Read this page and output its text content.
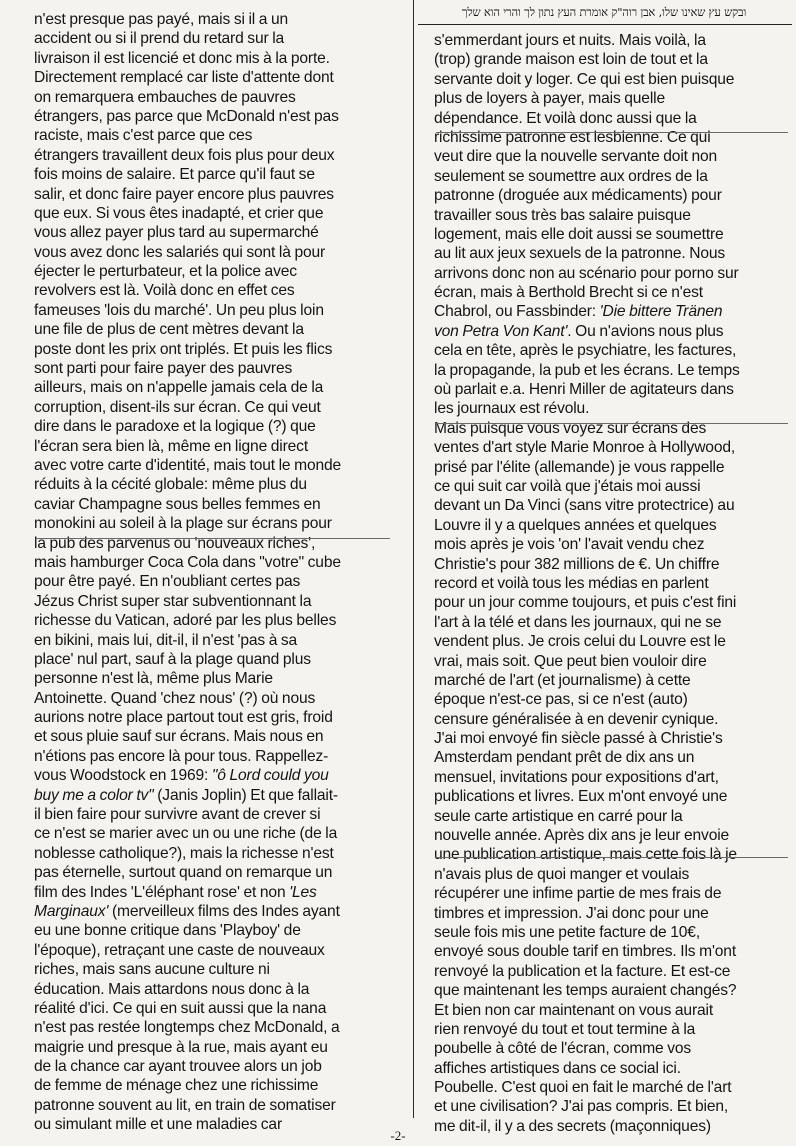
ובקש עץ שאינו שלו, אבן רוה"ק אומרת העץ נתון לך והרי הוא שלך
n'est presque pas payé, mais si il a un
accident ou si il prend du retard sur la
livraison il est licencié et donc mis à la porte.
Directement remplacé car liste d'attente dont
on remarquera embauches de pauvres
étrangers, pas parce que McDonald n'est pas
raciste, mais c'est parce que ces
étrangers travaillent deux fois plus pour deux
fois moins de salaire. Et parce qu'il faut se
salir, et donc faire payer encore plus pauvres
que eux. Si vous êtes inadapté, et crier que
vous allez payer plus tard au supermarché
vous avez donc les salariés qui sont là pour
éjecter le perturbateur, et la police avec
revolvers est là. Voilà donc en effet ces
fameuses 'lois du marché'. Un peu plus loin
une file de plus de cent mètres devant la
poste dont les prix ont triplés. Et puis les flics
sont parti pour faire payer des pauvres
ailleurs, mais on n'appelle jamais cela de la
corruption, disent-ils sur écran. Ce qui veut
dire dans le paradoxe et la logique (?) que
l'écran sera bien là, même en ligne direct
avec votre carte d'identité, mais tout le monde
réduits à la cécité globale: même plus du
caviar Champagne sous belles femmes en
monokini au soleil à la plage sur écrans pour
la pub des parvenus ou 'nouveaux riches',
mais hamburger Coca Cola dans "votre" cube
pour être payé. En n'oubliant certes pas
Jézus Christ super star subventionnant la
richesse du Vatican, adoré par les plus belles
en bikini, mais lui, dit-il, il n'est 'pas à sa
place' nul part, sauf à la plage quand plus
personne n'est là, même plus Marie
Antoinette. Quand 'chez nous' (?) où nous
aurions notre place partout tout est gris, froid
et sous pluie sauf sur écrans. Mais nous en
n'étions pas encore là pour tous. Rappellez-
vous Woodstock en 1969: "ô Lord could you
buy me a color tv" (Janis Joplin) Et que fallait-
il bien faire pour survivre avant de crever si
ce n'est se marier avec un ou une riche (de la
noblesse catholique?), mais la richesse n'est
pas éternelle, surtout quand on remarque un
film des Indes 'L'éléphant rose' et non 'Les
Marginaux' (merveilleux films des Indes ayant
eu une bonne critique dans 'Playboy' de
l'époque), retraçant une caste de nouveaux
riches, mais sans aucune culture ni
éducation. Mais attardons nous donc à la
réalité d'ici. Ce qui en suit aussi que la nana
n'est pas restée longtemps chez McDonald, a
maigrie und presque à la rue, mais ayant eu
de la chance car ayant trouvee alors un job
de femme de ménage chez une richissime
patronne souvent au lit, en train de somatiser
ou simulant mille et une maladies car
s'emmerdant jours et nuits. Mais voilà, la
(trop) grande maison est loin de tout et la
servante doit y loger. Ce qui est bien puisque
plus de loyers à payer, mais quelle
dépendance. Et voilà donc aussi que la
richissime patronne est lesbienne. Ce qui
veut dire que la nouvelle servante doit non
seulement se soumettre aux ordres de la
patronne (droguée aux médicaments) pour
travailler sous très bas salaire puisque
logement, mais elle doit aussi se soumettre
au lit aux jeux sexuels de la patronne. Nous
arrivons donc non au scénario pour porno sur
écran, mais à Berthold Brecht si ce n'est
Chabrol, ou Fassbinder: 'Die bittere Tränen
von Petra Von Kant'. Ou n'avions nous plus
cela en tête, après le psychiatre, les factures,
la propagande, la pub et les écrans. Le temps
où parlait e.a. Henri Miller de agitateurs dans
les journaux est révolu.
Mais puisque vous voyez sur écrans des
ventes d'art style Marie Monroe à Hollywood,
prisé par l'élite (allemande) je vous rappelle
ce qui suit car voilà que j'étais moi aussi
devant un Da Vinci (sans vitre protectrice) au
Louvre il y a quelques années et quelques
mois après je vois 'on' l'avait vendu chez
Christie's pour 382 millions de €. Un chiffre
record et voilà tous les médias en parlent
pour un jour comme toujours, et puis c'est fini
l'art à la télé et dans les journaux, qui ne se
vendent plus. Je crois celui du Louvre est le
vrai, mais soit. Que peut bien vouloir dire
marché de l'art (et journalisme) à cette
époque n'est-ce pas, si ce n'est (auto)
censure généralisée à en devenir cynique.
J'ai moi envoyé fin siècle passé à Christie's
Amsterdam pendant prêt de dix ans un
mensuel, invitations pour expositions d'art,
publications et livres. Eux m'ont envoyé une
seule carte artistique en carré pour la
nouvelle année. Après dix ans je leur envoie
une publication artistique, mais cette fois là je
n'avais plus de quoi manger et voulais
récupérer une infime partie de mes frais de
timbres et impression. J'ai donc pour une
seule fois mis une petite facture de 10€,
envoyé sous double tarif en timbres. Ils m'ont
renvoyé la publication et la facture. Et est-ce
que maintenant les temps auraient changés?
Et bien non car maintenant on vous aurait
rien renvoyé du tout et tout termine à la
poubelle à côté de l'écran, comme vos
affiches artistiques dans ce social ici.
Poubelle. C'est quoi en fait le marché de l'art
et une civilisation? J'ai pas compris. Et bien,
me dit-il, il y a des secrets (maçonniques)
-2-
